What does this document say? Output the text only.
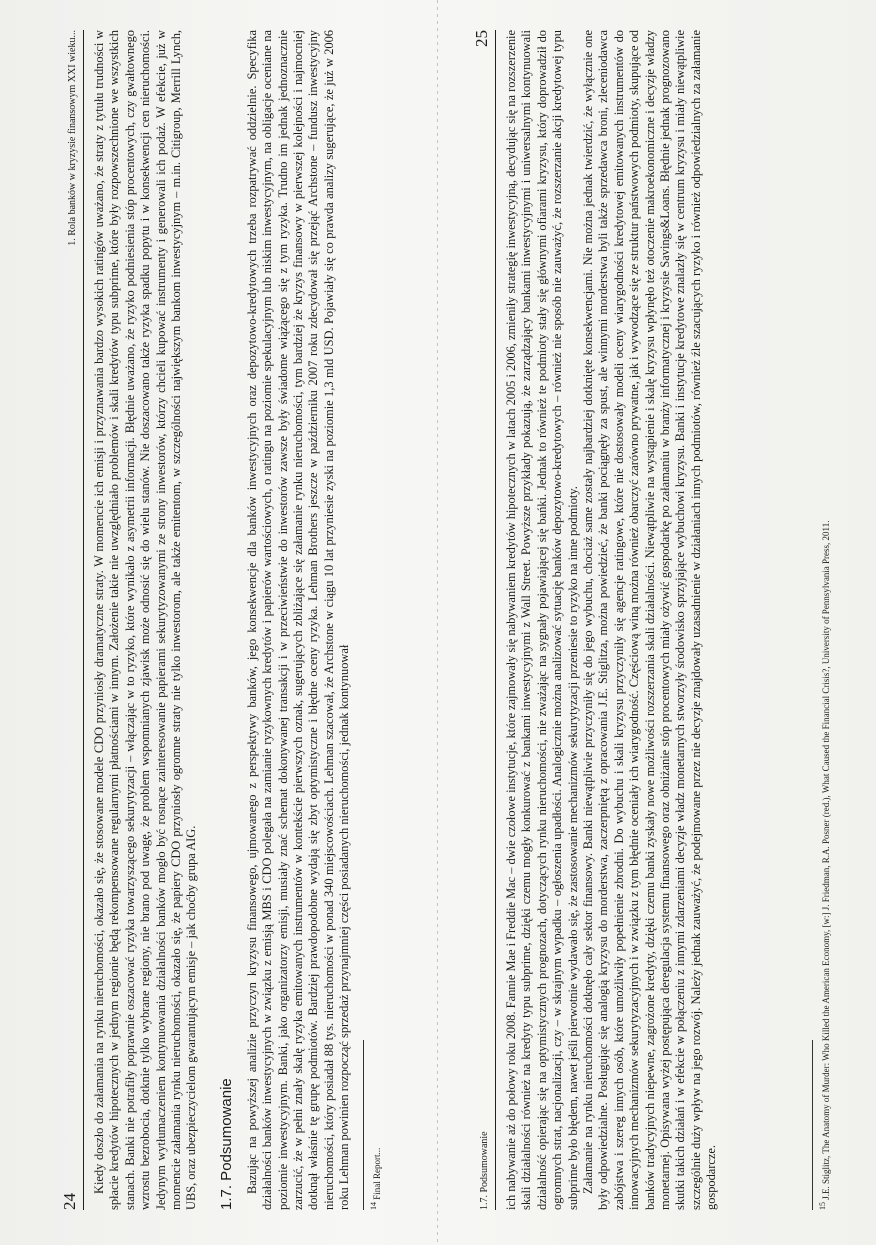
24
1. Rola banków w kryzysie finansowym XXI wieku... Kiedy doszło do załamania na rynku nieruchomości, okazało się, że stosowane modele CDO przyniosły dramatyczne straty. W momencie ich emisji i przyznawania bardzo wysokich ratingów uważano, że straty z tytułu trudności w spłacie kredytów hipotecznych w jednym regionie będą rekompensowane regularnymi płatnościami w innym. Założenie takie nie uwzględniało problemów i skali kredytów typu subprime, które były rozpowszechnione we wszystkich stanach. Banki nie potrafiły poprawnie oszacować ryzyka towarzyszącego sekurytyzacji – włączając w to ryzyko, które wynikało z asymetrii informacji. Błędnie uważano, że ryzyko podniesienia stóp procentowych, czy gwałtownego wzrostu bezrobocia, dotknie tylko wybrane regiony, nie brano pod uwagę, że problem wspomnianych zjawisk może odnosić się do wielu stanów. Nie doszacowano także ryzyka spadku popytu i w konsekwencji cen nieruchomości. Jedynym wytłumaczeniem kontynuowania działalności banków mogło być rosnące zainteresowanie papierami sekurytyzowanymi ze strony inwestorów, którzy chcieli kupować instrumenty i generowali ich podaż. W efekcie, już w momencie załamania rynku nieruchomości, okazało się, że papiery CDO przyniosły ogromne straty nie tylko inwestorom, ale także emitentom, w szczególności największym bankom inwestycyjnym – m.in. Citigroup, Merrill Lynch, UBS, oraz ubezpieczycielom gwarantującym emisje – jak choćby grupa AIG. 1.7. Podsumowanie Bazując na powyższej analizie przyczyn kryzysu finansowego, ujmowanego z perspektywy banków, jego konsekwencje dla banków inwestycyjnych oraz depozytowo-kredytowych trzeba rozpatrywać oddzielnie. Specyfika działalności banków inwestycyjnych w związku z emisją MBS i CDO polegała na zamianie ryzykownych kredytów i papierów wartościowych, o ratingu na poziomie spekulacyjnym lub niskim inwestycyjnym, na obligacje oceniane na poziomie inwestycyjnym. Banki, jako organizatorzy emisji, musiały znać schemat dokonywanej transakcji i w przeciwieństwie do inwestorów zawsze były świadome wiążącego się z tym ryzyka. Trudno im jednak jednoznacznie zarzucić, że w pełni znały skalę ryzyka emitowanych instrumentów w kontekście pierwszych oznak, sugerujących zbliżające się załamanie rynku nieruchomości, tym bardziej że kryzys finansowy w pierwszej kolejności i najmocniej dotknął właśnie tę grupę podmiotów. Bardziej prawdopodobne wydają się zbyt optymistyczne i błędne oceny ryzyka. Lehman Brothers jeszcze w październiku 2007 roku zdecydował się przejąć Archstone – fundusz inwestycyjny nieruchomości, który posiadał 88 tys. nieruchomości w ponad 340 miejscowościach. Lehman szacował, że Archstone w ciągu 10 lat przyniesie zyski na poziomie 1,3 mld USD. Pojawiały się co prawda analizy sugerujące, że już w 2006 roku Lehman powinien rozpocząć sprzedaż przynajmniej części posiadanych nieruchomości, jednak kontynuował $^{14}$ Final Report...	1.7. Podsumowanie
25 ich nabywanie aż do połowy roku 2008. Fannie Mae i Freddie Mac – dwie czołowe instytucje, które zajmowały się nabywaniem kredytów hipotecznych w latach 2005 i 2006, zmieniły strategię inwestycyjną, decydując się na rozszerzenie skali działalności również na kredyty typu subprime, dzięki czemu mogły konkurować z bankami inwestycyjnymi z Wall Street. Powyższe przykłady pokazują, że zarządzający bankami inwestycyjnymi i uniwersalnymi kontynuowali działalność opierając się na optymistycznych prognozach, dotyczących rynku nieruchomości, nie zważając na sygnały pojawiającej się bańki. Jednak to również te podmioty stały się głównymi ofiarami kryzysu, który doprowadził do ogromnych strat, nacjonalizacji, czy – w skrajnym wypadku – ogłoszenia upadłości. Analogicznie można analizować sytuację banków depozytowo-kredytowych – również nie sposób nie zauważyć, że rozszerzanie akcji kredytowej typu subprime było błędem, nawet jeśli pierwotnie wydawało się, że zastosowanie mechanizmów sekurytyzacji przeniesie to ryzyko na inne podmioty. Załamanie na rynku nieruchomości dotknęło cały sektor finansowy. Banki niewątpliwie przyczyniły się do jego wybuchu, chociaż same zostały najbardziej dotknięte konsekwencjami. Nie można jednak twierdzić, że wyłącznie one były odpowiedzialne. Posługując się analogią kryzysu do morderstwa, zaczerpniętą z opracowania J.E. Stiglitza, można powiedzieć, że banki pociągnęły za spust, ale winnymi morderstwa byli także sprzedawca broni, zleceniodawca zabójstwa i szereg innych osób, które umożliwiły popełnienie zbrodni. Do wybuchu i skali kryzysu przyczyniły się agencje ratingowe, które nie dostosowały modeli oceny wiarygodności kredytowej emitowanych instrumentów do innowacyjnych mechanizmów sekurytyzacyjnych i w związku z tym błędnie oceniały ich wiarygodność. Częściową winą można również obarczyć zarówno prywatne, jak i wywodzące się ze struktur państwowych podmioty, skupujące od banków tradycyjnych niepewne, zagrożone kredyty, dzięki czemu banki zyskały nowe możliwości rozszerzania skali działalności. Niewątpliwie na wystąpienie i skalę kryzysu wpłynęło też otoczenie makroekonomiczne i decyzje władzy monetarnej. Opisywana wyżej postępująca deregulacja systemu finansowego oraz obniżanie stóp procentowych miały ożywić gospodarkę po załamaniu w branży informatycznej i kryzysie Savings&Loans. Błędnie jednak prognozowano skutki takich działań i w efekcie w połączeniu z innymi zdarzeniami decyzje władz monetarnych stworzyły środowisko sprzyjające wybuchowi kryzysu. Banki i instytucje kredytowe znalazły się w centrum kryzysu i miały niewątpliwie szczególnie duży wpływ na jego rozwój. Należy jednak zauważyć, że podejmowane przez nie decyzje znajdowały uzasadnienie w działaniach innych podmiotów, również źle szacujących ryzyko i również odpowiedzialnych za załamanie gospodarcze.	$^{15}$ J.E. Stiglitz, The Anatomy of Murder: Who Killed the American Economy, [w:] J. Friedman, R.A. Posner (red.), What Caused the Financial Crisis?, University of Pennsylvania Press, 2011.
